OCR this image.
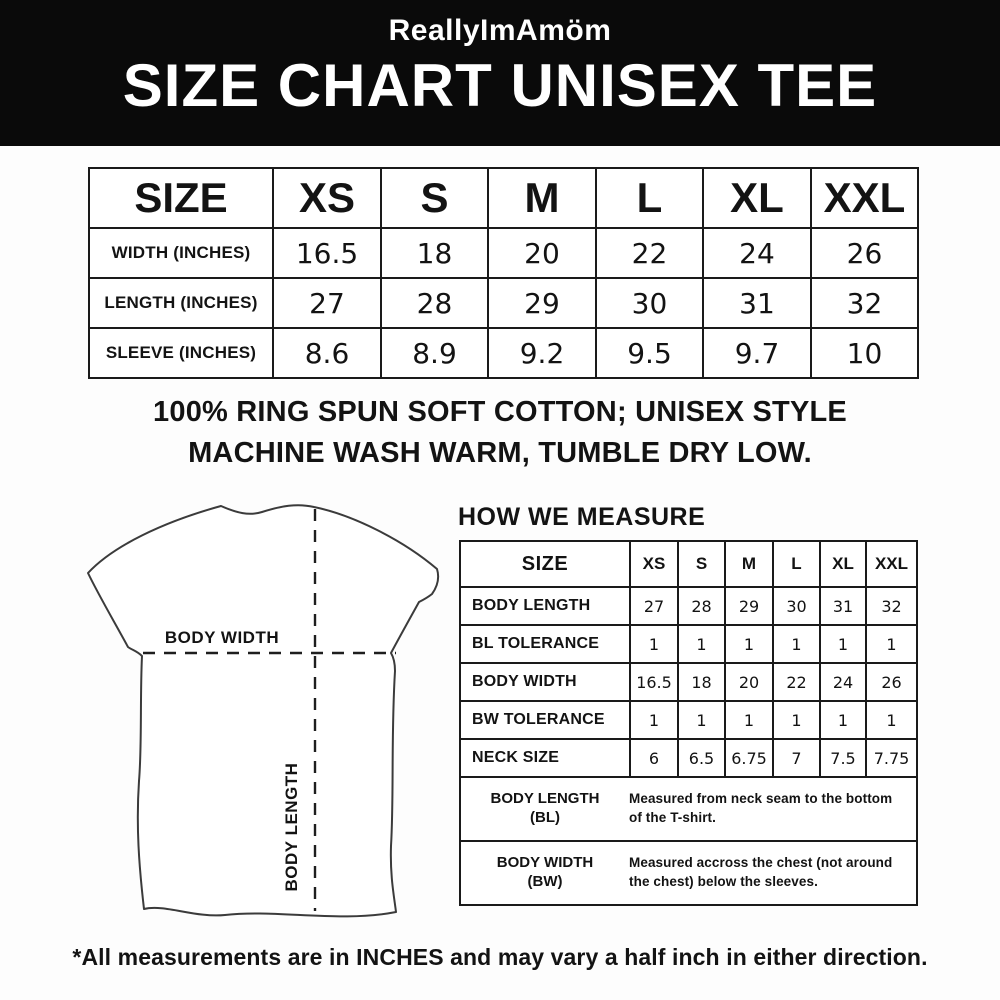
ReallyImAmöm
SIZE CHART UNISEX TEE
SIZE	XS	S	M	L	XL	XXL
WIDTH (INCHES)	16.5	18	20	22	24	26
LENGTH (INCHES)	27	28	29	30	31	32
SLEEVE (INCHES)	8.6	8.9	9.2	9.5	9.7	10
100% RING SPUN SOFT COTTON; UNISEX STYLE
MACHINE WASH WARM, TUMBLE DRY LOW.
BODY WIDTH
BODY LENGTH
HOW WE MEASURE
SIZE	XS	S	M	L	XL	XXL
BODY LENGTH	27	28	29	30	31	32
BL TOLERANCE	1	1	1	1	1	1
BODY WIDTH	16.5	18	20	22	24	26
BW TOLERANCE	1	1	1	1	1	1
NECK SIZE	6	6.5	6.75	7	7.5	7.75

BODY LENGTH
(BL)
Measured from neck seam to the bottom of the T-shirt.						

BODY WIDTH
(BW)
Measured accross the chest (not around the chest) below the sleeves.						
*All measurements are in INCHES and may vary a half inch in either direction.
